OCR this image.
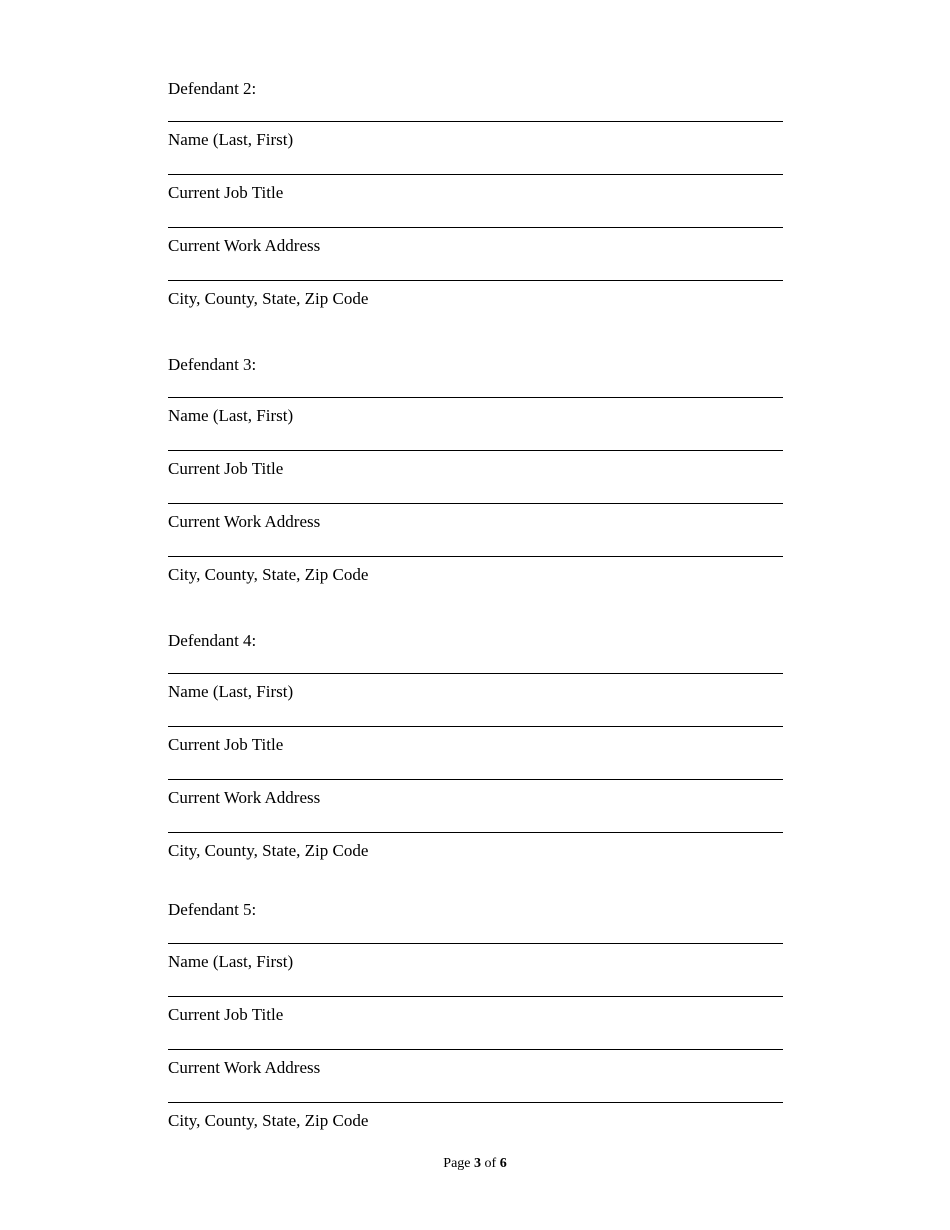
Defendant 2:
Name (Last, First)
Current Job Title
Current Work Address
City, County, State, Zip Code
Defendant 3:
Name (Last, First)
Current Job Title
Current Work Address
City, County, State, Zip Code
Defendant 4:
Name (Last, First)
Current Job Title
Current Work Address
City, County, State, Zip Code
Defendant 5:
Name (Last, First)
Current Job Title
Current Work Address
City, County, State, Zip Code
Page 3 of 6
